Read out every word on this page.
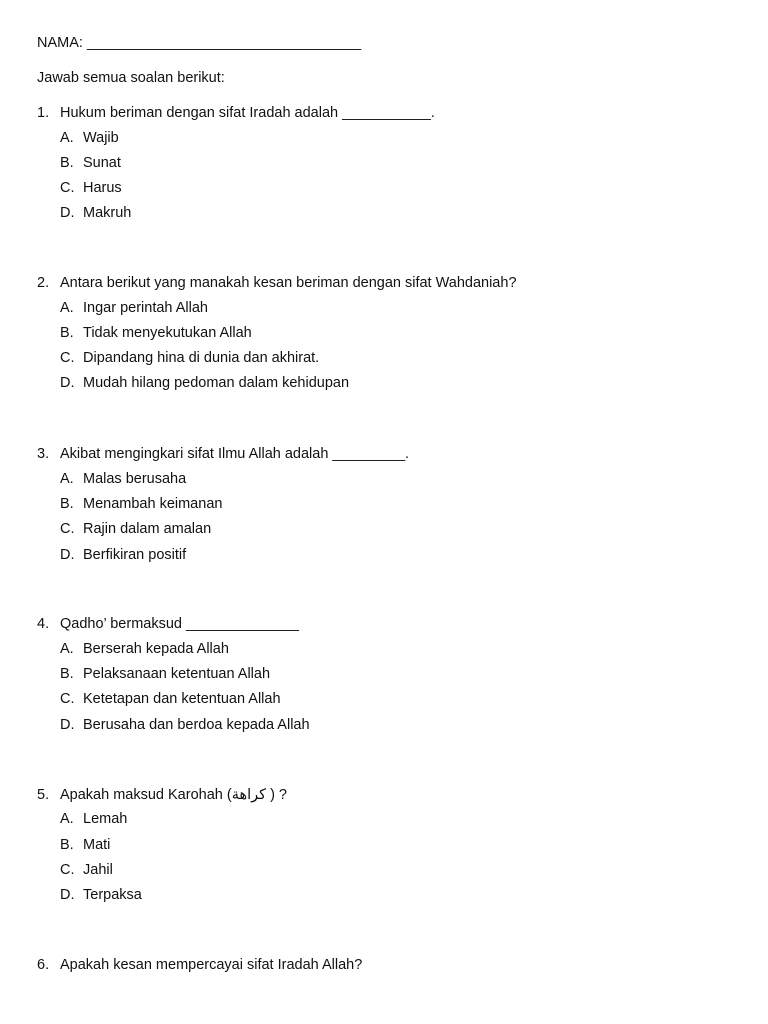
NAMA: __________________________________
Jawab semua soalan berikut:
1. Hukum beriman dengan sifat Iradah adalah ___________.
A. Wajib
B. Sunat
C. Harus
D. Makruh
2. Antara berikut yang manakah kesan beriman dengan sifat Wahdaniah?
A. Ingar perintah Allah
B. Tidak menyekutukan Allah
C. Dipandang hina di dunia dan akhirat.
D. Mudah hilang pedoman dalam kehidupan
3. Akibat mengingkari sifat Ilmu Allah adalah _________.
A. Malas berusaha
B. Menambah keimanan
C. Rajin dalam amalan
D. Berfikiran positif
4. Qadho’ bermaksud ______________
A. Berserah kepada Allah
B. Pelaksanaan ketentuan Allah
C. Ketetapan dan ketentuan Allah
D. Berusaha dan berdoa kepada Allah
5. Apakah maksud Karohah (كراهة ) ?
A. Lemah
B. Mati
C. Jahil
D. Terpaksa
6. Apakah kesan mempercayai sifat Iradah Allah?
